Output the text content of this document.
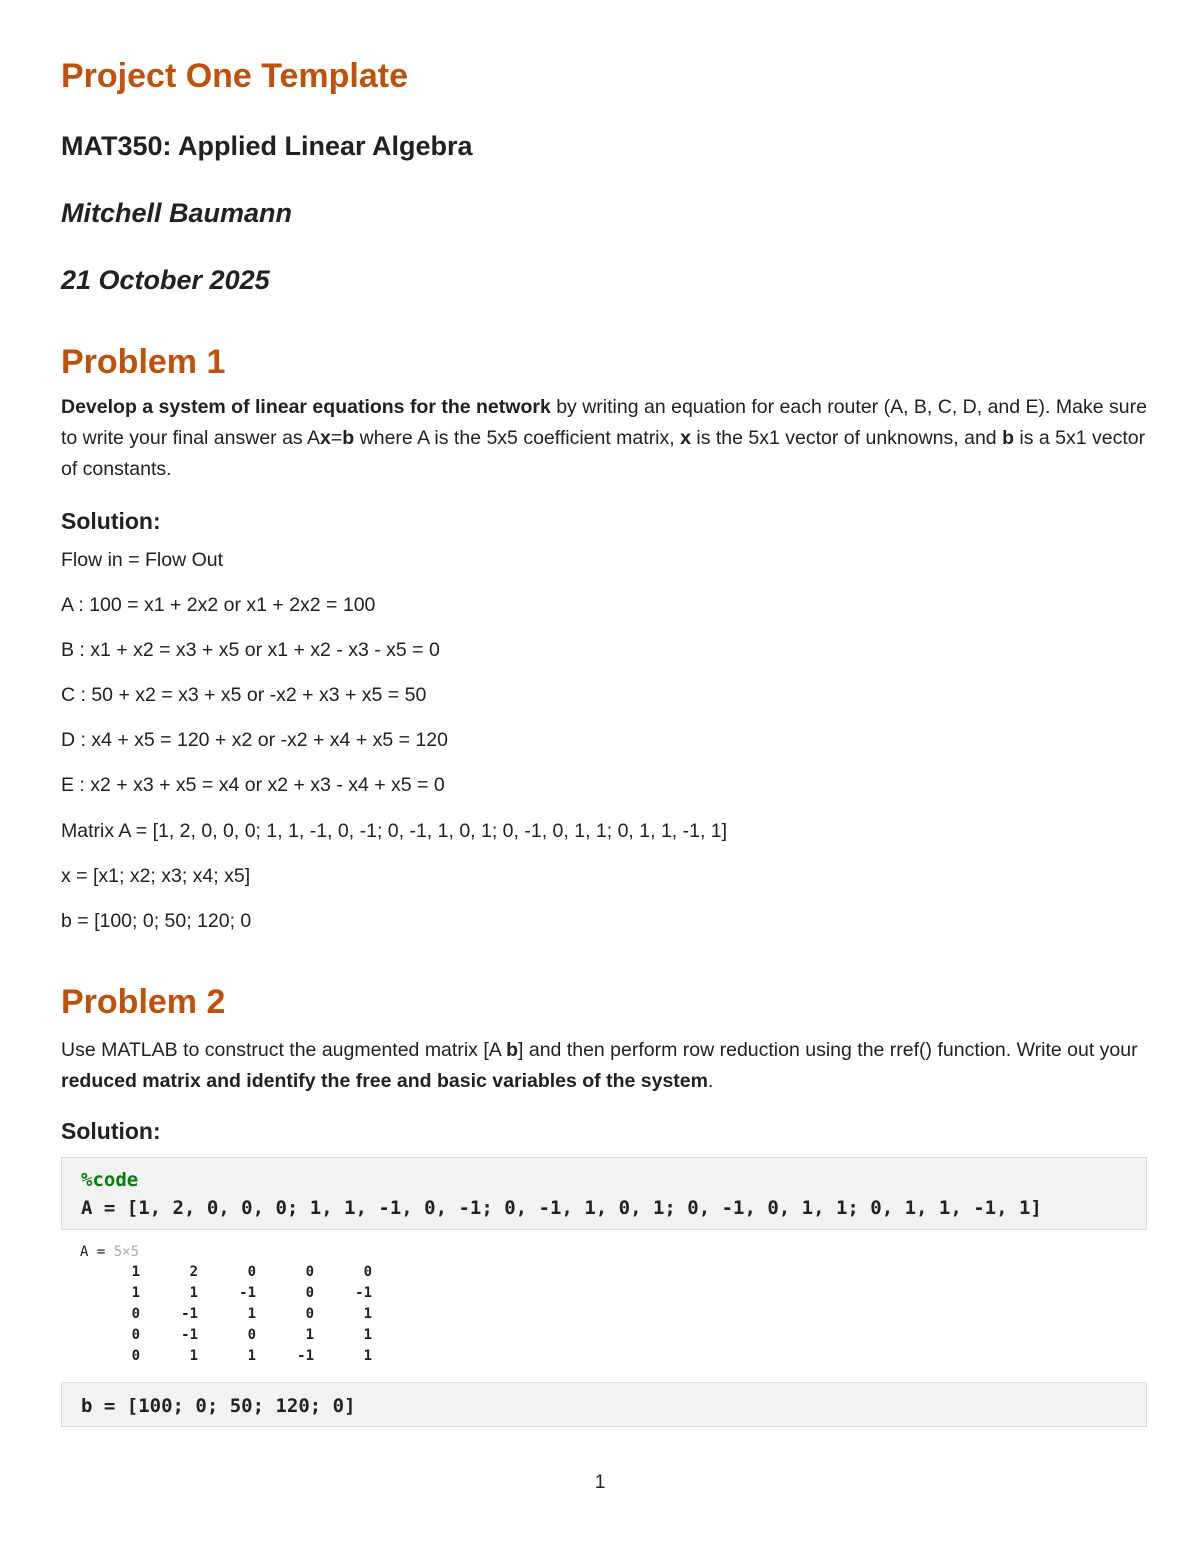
Project One Template
MAT350: Applied Linear Algebra
Mitchell Baumann
21 October 2025
Problem 1

Develop a system of linear equations for the network by writing an equation for each router (A, B, C, D, and E). Make sure to write your final answer as Ax=b where A is the 5x5 coefficient matrix, x is the 5x1 vector of unknowns, and b is a 5x1 vector of constants.

Solution:

Flow in = Flow Out

A : 100 = x1 + 2x2 or x1 + 2x2 = 100

B : x1 + x2 = x3 + x5 or x1 + x2 - x3 - x5 = 0

C : 50 + x2 = x3 + x5 or -x2 + x3 + x5 = 50

D : x4 + x5 = 120 + x2 or -x2 + x4 + x5 = 120

E : x2 + x3 + x5 = x4 or x2 + x3 - x4 + x5 = 0

Matrix A = [1, 2, 0, 0, 0; 1, 1, -1, 0, -1; 0, -1, 1, 0, 1; 0, -1, 0, 1, 1; 0, 1, 1, -1, 1]

x = [x1; x2; x3; x4; x5]

b = [100; 0; 50; 120; 0

Problem 2

Use MATLAB to construct the augmented matrix [A b] and then perform row reduction using the rref() function. Write out your reduced matrix and identify the free and basic variables of the system.

Solution:
%code
A = [1, 2, 0, 0, 0; 1, 1, -1, 0, -1; 0, -1, 1, 0, 1; 0, -1, 0, 1, 1; 0, 1, 1, -1, 1]
A = 5×5
1	2	0	0	0
1	1	-1	0	-1
0	-1	1	0	1
0	-1	0	1	1
0	1	1	-1	1
b = [100; 0; 50; 120; 0]
1
